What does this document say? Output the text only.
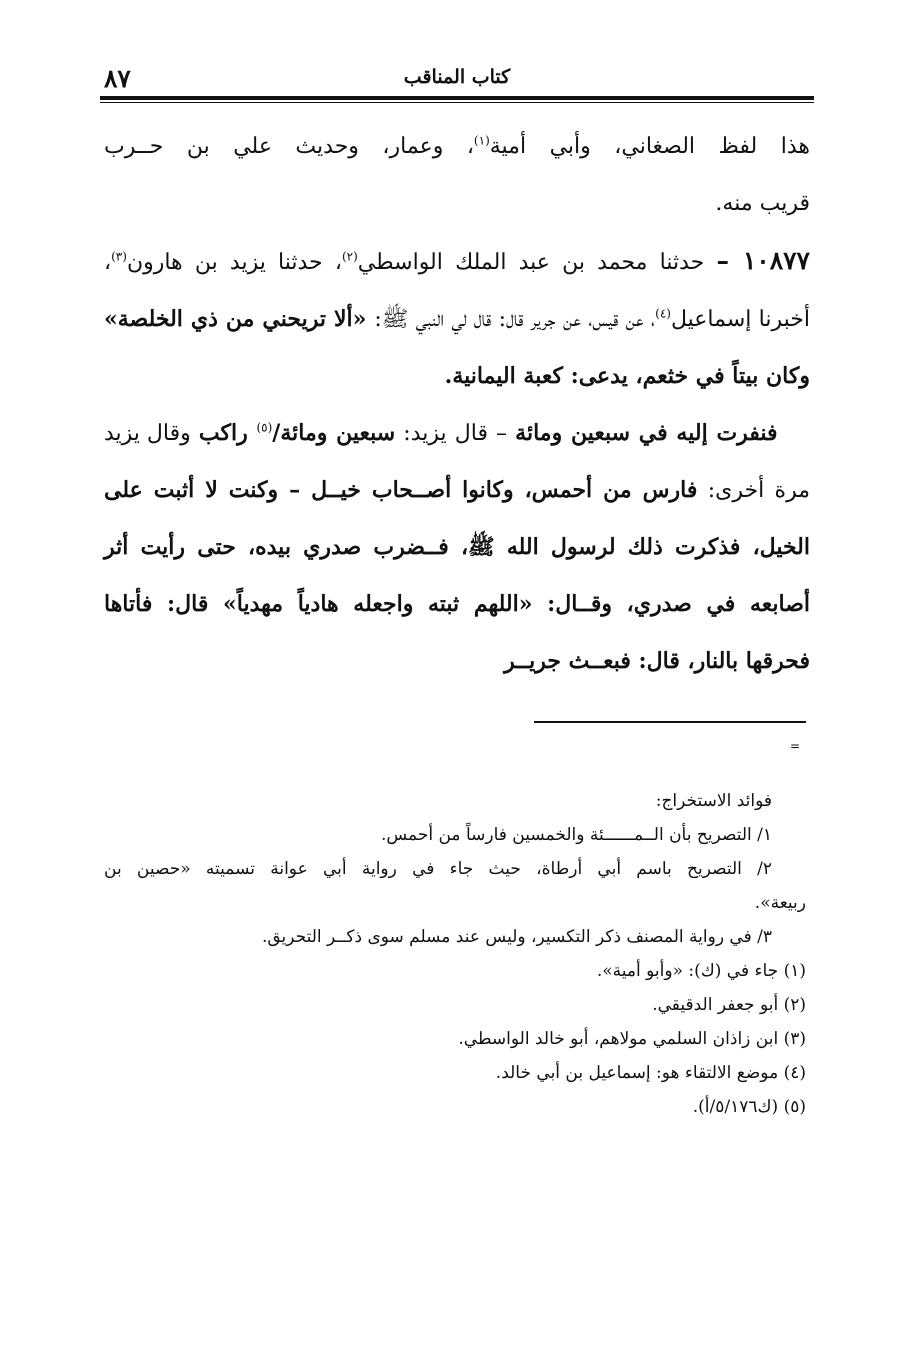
٨٧	كتاب المناقب

هذا لفظ الصغاني، وأبي أمية$^{(١)}$، وعمار، وحديث علي بن حــرب

قريب منه.

١٠٨٧٧ – حدثنا محمد بن عبد الملك الواسطي$^{(٢)}$، حدثنا يزيد بن هارون$^{(٣)}$، أخبرنا إسماعيل$^{(٤)}$، عن قيس، عن جرير قال: قال لي النبي ﷺ: «ألا تريحني من ذي الخلصة» وكان بيتاً في خثعم، يدعى: كعبة اليمانية.

فنفرت إليه في سبعين ومائة – قال يزيد: سبعين ومائة/$^{(٥)}$ راكب وقال يزيد مرة أخرى: فارس من أحمس، وكانوا أصــحاب خيــل – وكنت لا أثبت على الخيل، فذكرت ذلك لرسول الله ﷺ، فــضرب صدري بيده، حتى رأيت أثر أصابعه في صدري، وقــال: «اللهم ثبته واجعله هادياً مهدياً» قال: فأتاها فحرقها بالنار، قال: فبعــث جريــر

=

فوائد الاستخراج:

١/ التصريح بأن الــمــــــئة والخمسين فارساً من أحمس.

٢/ التصريح باسم أبي أرطاة، حيث جاء في رواية أبي عوانة تسميته «حصين بن

ربيعة».

٣/ في رواية المصنف ذكر التكسير، وليس عند مسلم سوى ذكــر التحريق.

(١) جاء في (ك): «وأبو أمية».

(٢) أبو جعفر الدقيقي.

(٣) ابن زاذان السلمي مولاهم، أبو خالد الواسطي.

(٤) موضع الالتقاء هو: إسماعيل بن أبي خالد.

(٥) (ك٥/١٧٦/أ).
